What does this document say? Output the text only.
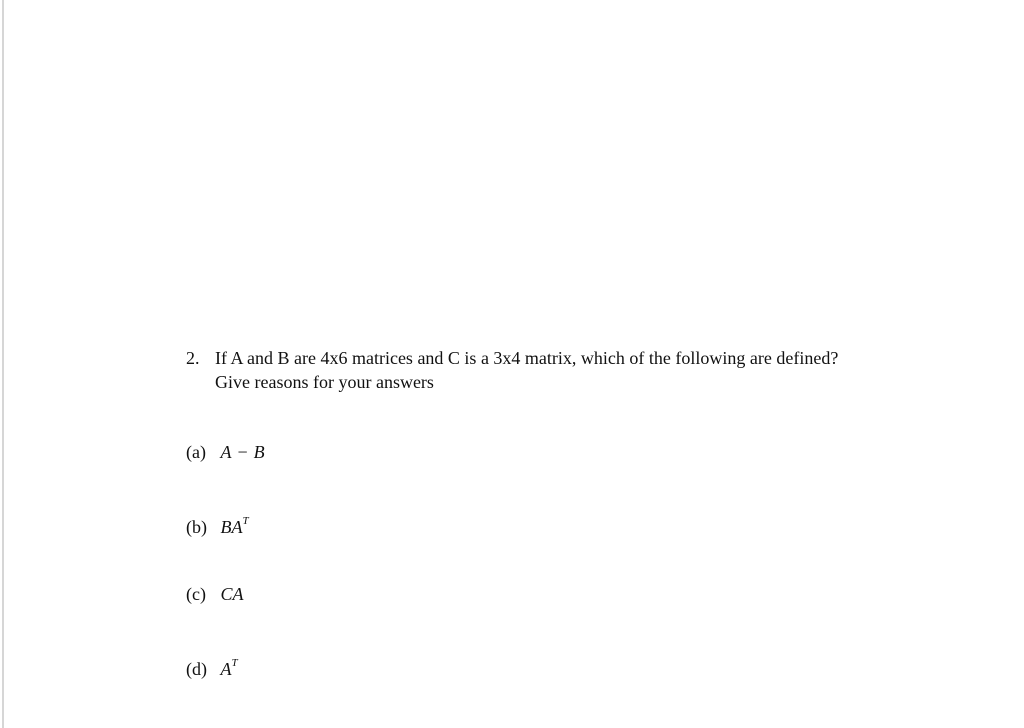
2. If A and B are 4x6 matrices and C is a 3x4 matrix, which of the following are defined? Give reasons for your answers
(a) A − B
(b) $BA^T$
(c) CA
(d) $A^T$
